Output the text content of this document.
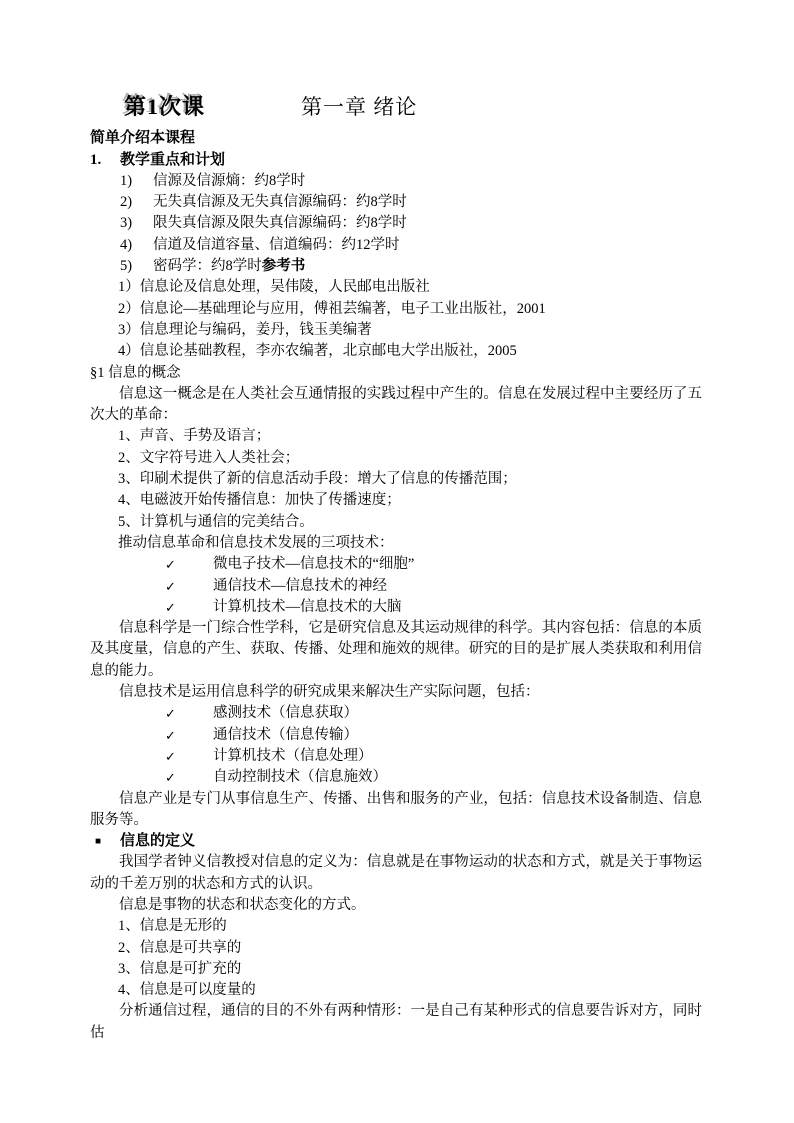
第1次课	第一章 绪论
简单介绍本课程
1.	教学重点和计划
1)	信源及信源熵：约8学时
2)	无失真信源及无失真信源编码：约8学时
3)	限失真信源及限失真信源编码：约8学时
4)	信道及信道容量、信道编码：约12学时
5)	密码学：约8学时参考书
1）信息论及信息处理，吴伟陵，人民邮电出版社
2）信息论—基础理论与应用，傅祖芸编著，电子工业出版社，2001
3）信息理论与编码，姜丹，钱玉美编著
4）信息论基础教程，李亦农编著，北京邮电大学出版社，2005
§1 信息的概念

信息这一概念是在人类社会互通情报的实践过程中产生的。信息在发展过程中主要经历了五次大的革命：

1、声音、手势及语言；
2、文字符号进入人类社会；
3、印刷术提供了新的信息活动手段：增大了信息的传播范围；
4、电磁波开始传播信息：加快了传播速度；
5、计算机与通信的完美结合。
推动信息革命和信息技术发展的三项技术：
✓	微电子技术—信息技术的“细胞”
✓	通信技术—信息技术的神经
✓	计算机技术—信息技术的大脑

信息科学是一门综合性学科，它是研究信息及其运动规律的科学。其内容包括：信息的本质及其度量，信息的产生、获取、传播、处理和施效的规律。研究的目的是扩展人类获取和利用信息的能力。

信息技术是运用信息科学的研究成果来解决生产实际问题，包括：

✓	感测技术（信息获取）
✓	通信技术（信息传输）
✓	计算机技术（信息处理）
✓	自动控制技术（信息施效）

信息产业是专门从事信息生产、传播、出售和服务的产业，包括：信息技术设备制造、信息服务等。

■	信息的定义

我国学者钟义信教授对信息的定义为：信息就是在事物运动的状态和方式，就是关于事物运动的千差万别的状态和方式的认识。

信息是事物的状态和状态变化的方式。

1、信息是无形的
2、信息是可共享的
3、信息是可扩充的
4、信息是可以度量的

分析通信过程，通信的目的不外有两种情形：一是自己有某种形式的信息要告诉对方，同时估
